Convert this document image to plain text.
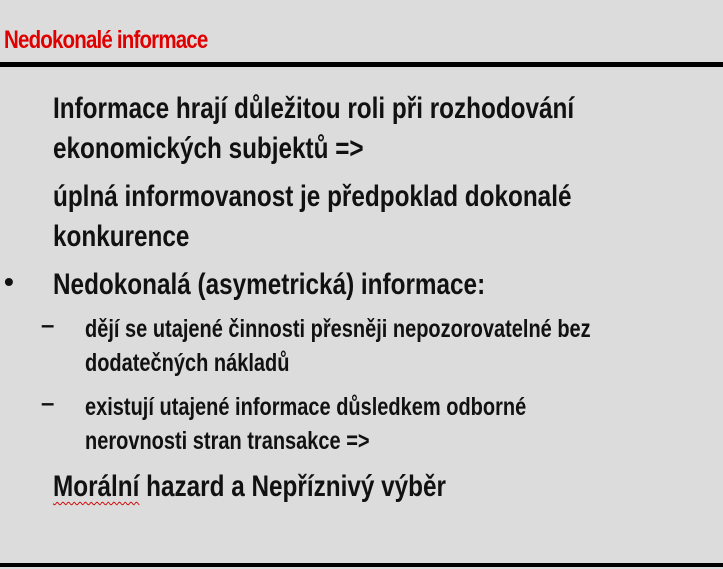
Nedokonalé informace

Informace hrají důležitou roli při rozhodování

ekonomických subjektů =>

úplná informovanost je předpoklad dokonalé

konkurence

• Nedokonalá (asymetrická) informace:

– dějí se utajené činnosti přesněji nepozorovatelné bez

dodatečných nákladů

– existují utajené informace důsledkem odborné

nerovnosti stran transakce =>

Morální hazard a Nepříznivý výběr
